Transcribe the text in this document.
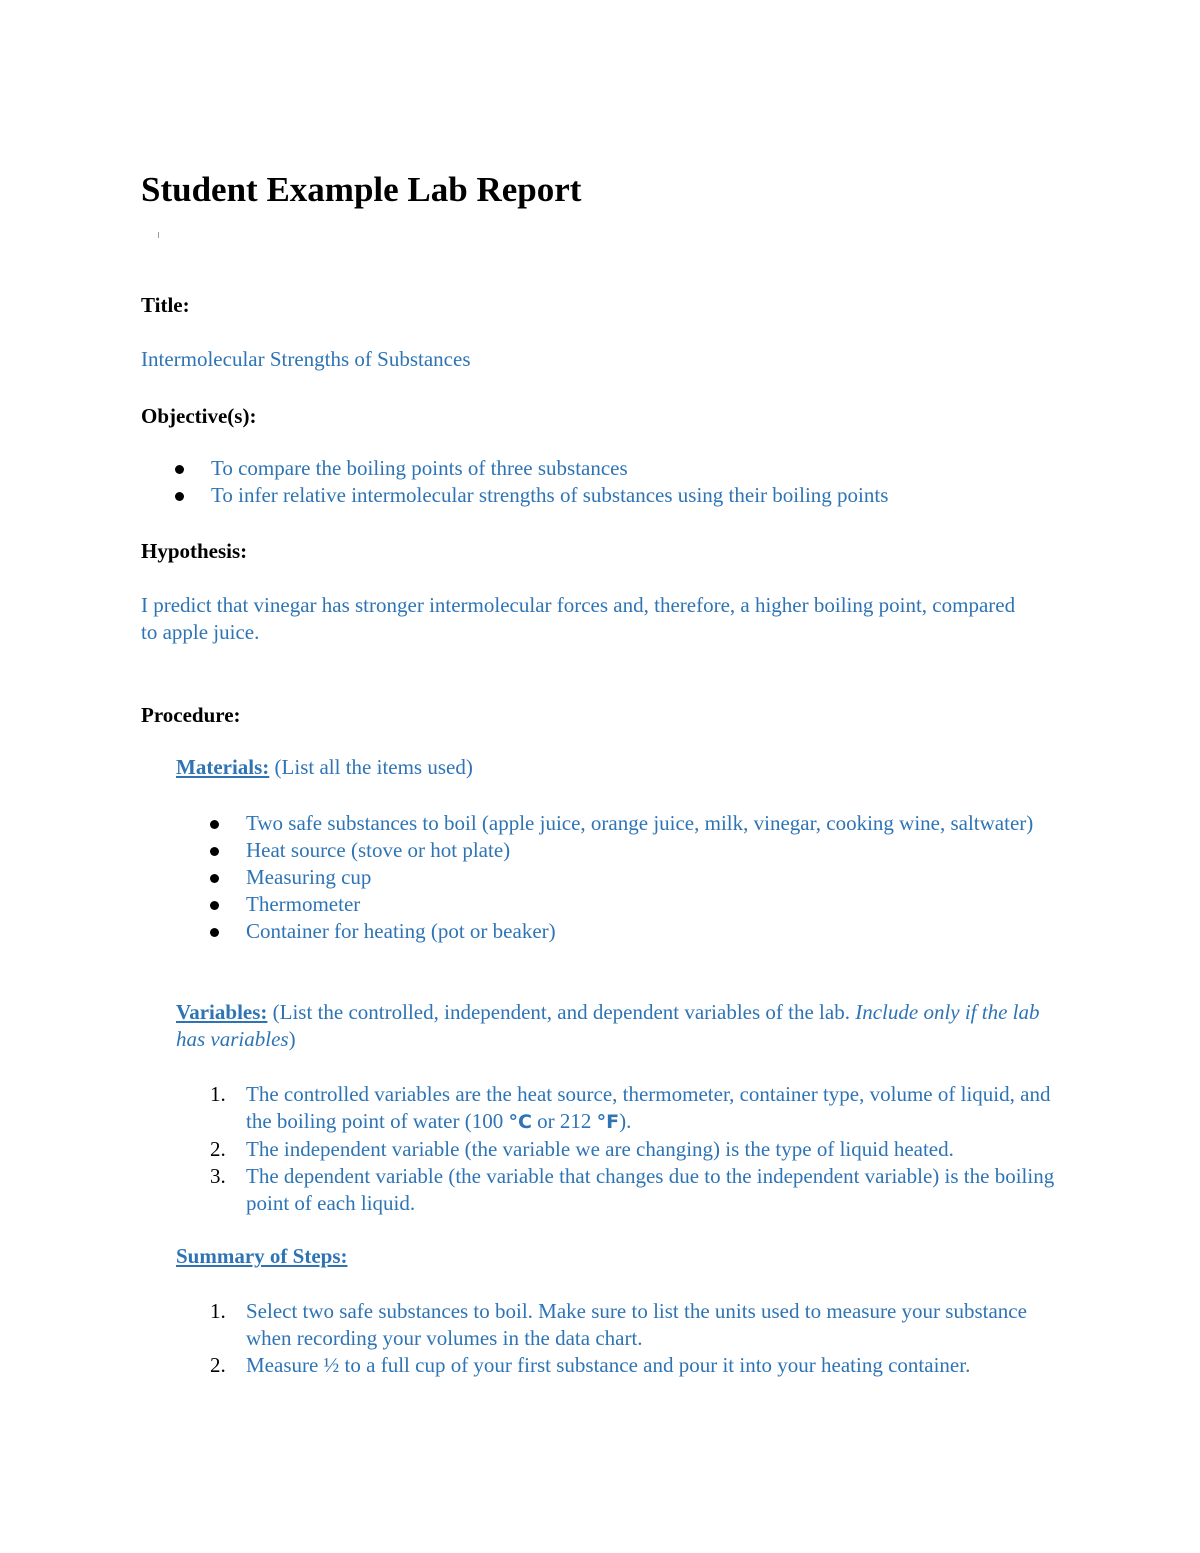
Student Example Lab Report

Title:

Intermolecular Strengths of Substances

Objective(s):

To compare the boiling points of three substances
To infer relative intermolecular strengths of substances using their boiling points

Hypothesis:

I predict that vinegar has stronger intermolecular forces and, therefore, a higher boiling point, compared to apple juice.

Procedure:

Materials: (List all the items used)

Two safe substances to boil (apple juice, orange juice, milk, vinegar, cooking wine, saltwater)
Heat source (stove or hot plate)
Measuring cup
Thermometer
Container for heating (pot or beaker)

Variables: (List the controlled, independent, and dependent variables of the lab. Include only if the lab has variables)

1. The controlled variables are the heat source, thermometer, container type, volume of liquid, and the boiling point of water (100 °C or 212 °F).
2. The independent variable (the variable we are changing) is the type of liquid heated.
3. The dependent variable (the variable that changes due to the independent variable) is the boiling point of each liquid.

Summary of Steps:

1. Select two safe substances to boil. Make sure to list the units used to measure your substance when recording your volumes in the data chart.
2. Measure ½ to a full cup of your first substance and pour it into your heating container.
